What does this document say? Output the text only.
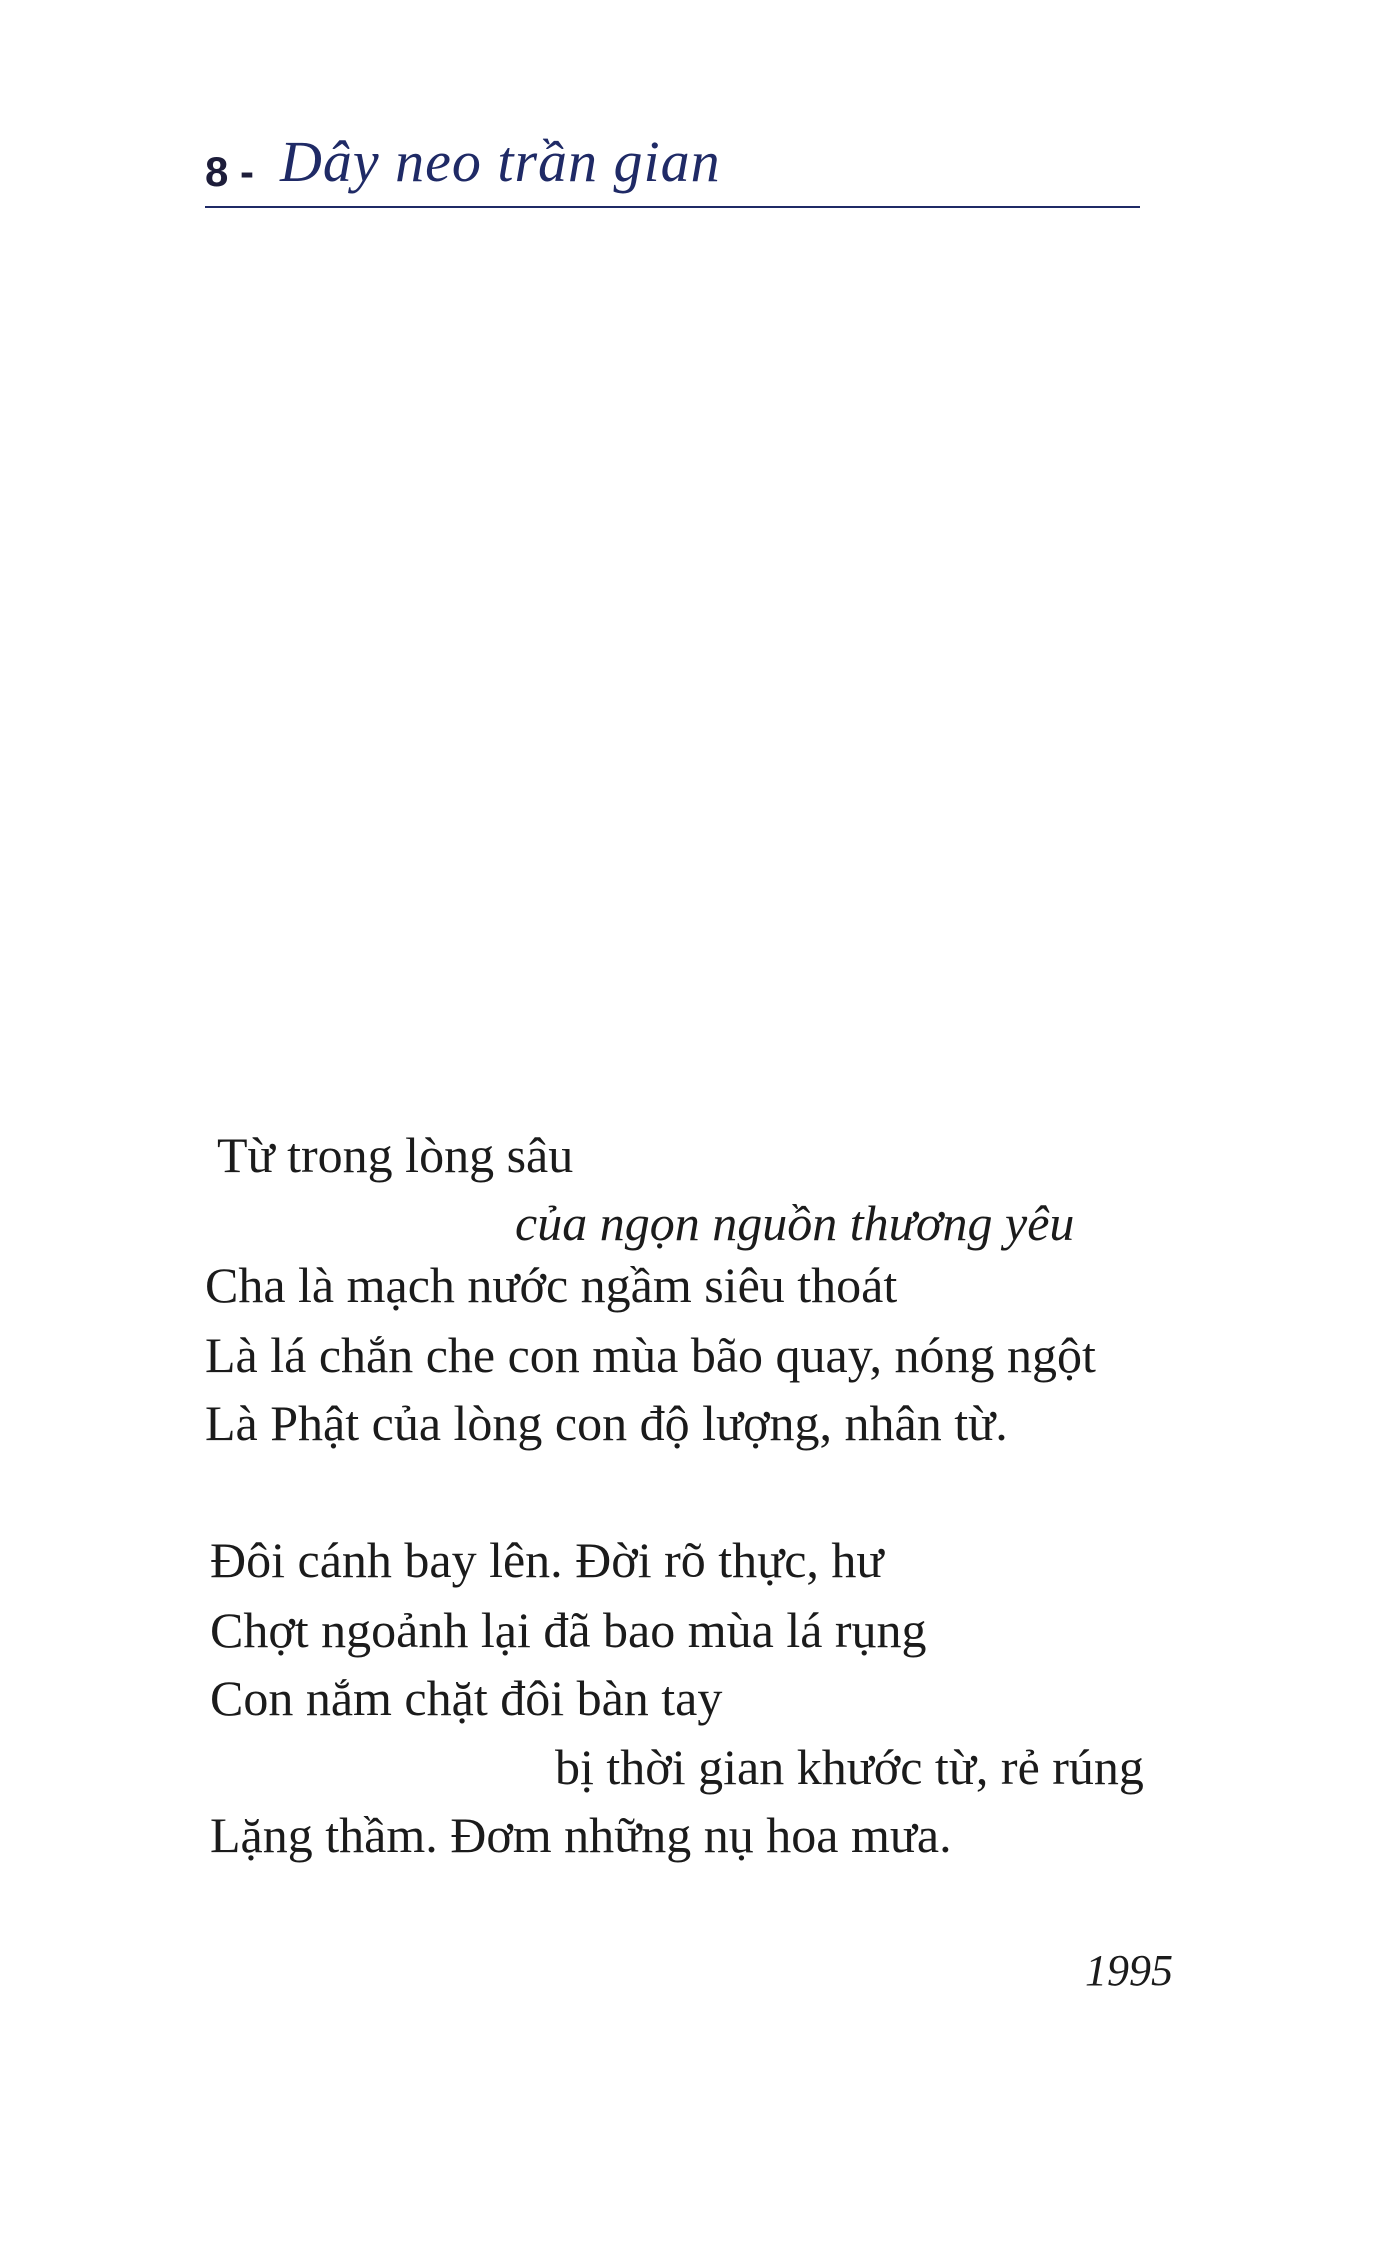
8 - Dây neo trần gian
Từ trong lòng sâu
của ngọn nguồn thương yêu
Cha là mạch nước ngầm siêu thoát
Là lá chắn che con mùa bão quay, nóng ngột
Là Phật của lòng con độ lượng, nhân từ.
Đôi cánh bay lên. Đời rõ thực, hư
Chợt ngoảnh lại đã bao mùa lá rụng
Con nắm chặt đôi bàn tay
bị thời gian khước từ, rẻ rúng
Lặng thầm. Đơm những nụ hoa mưa.
1995
